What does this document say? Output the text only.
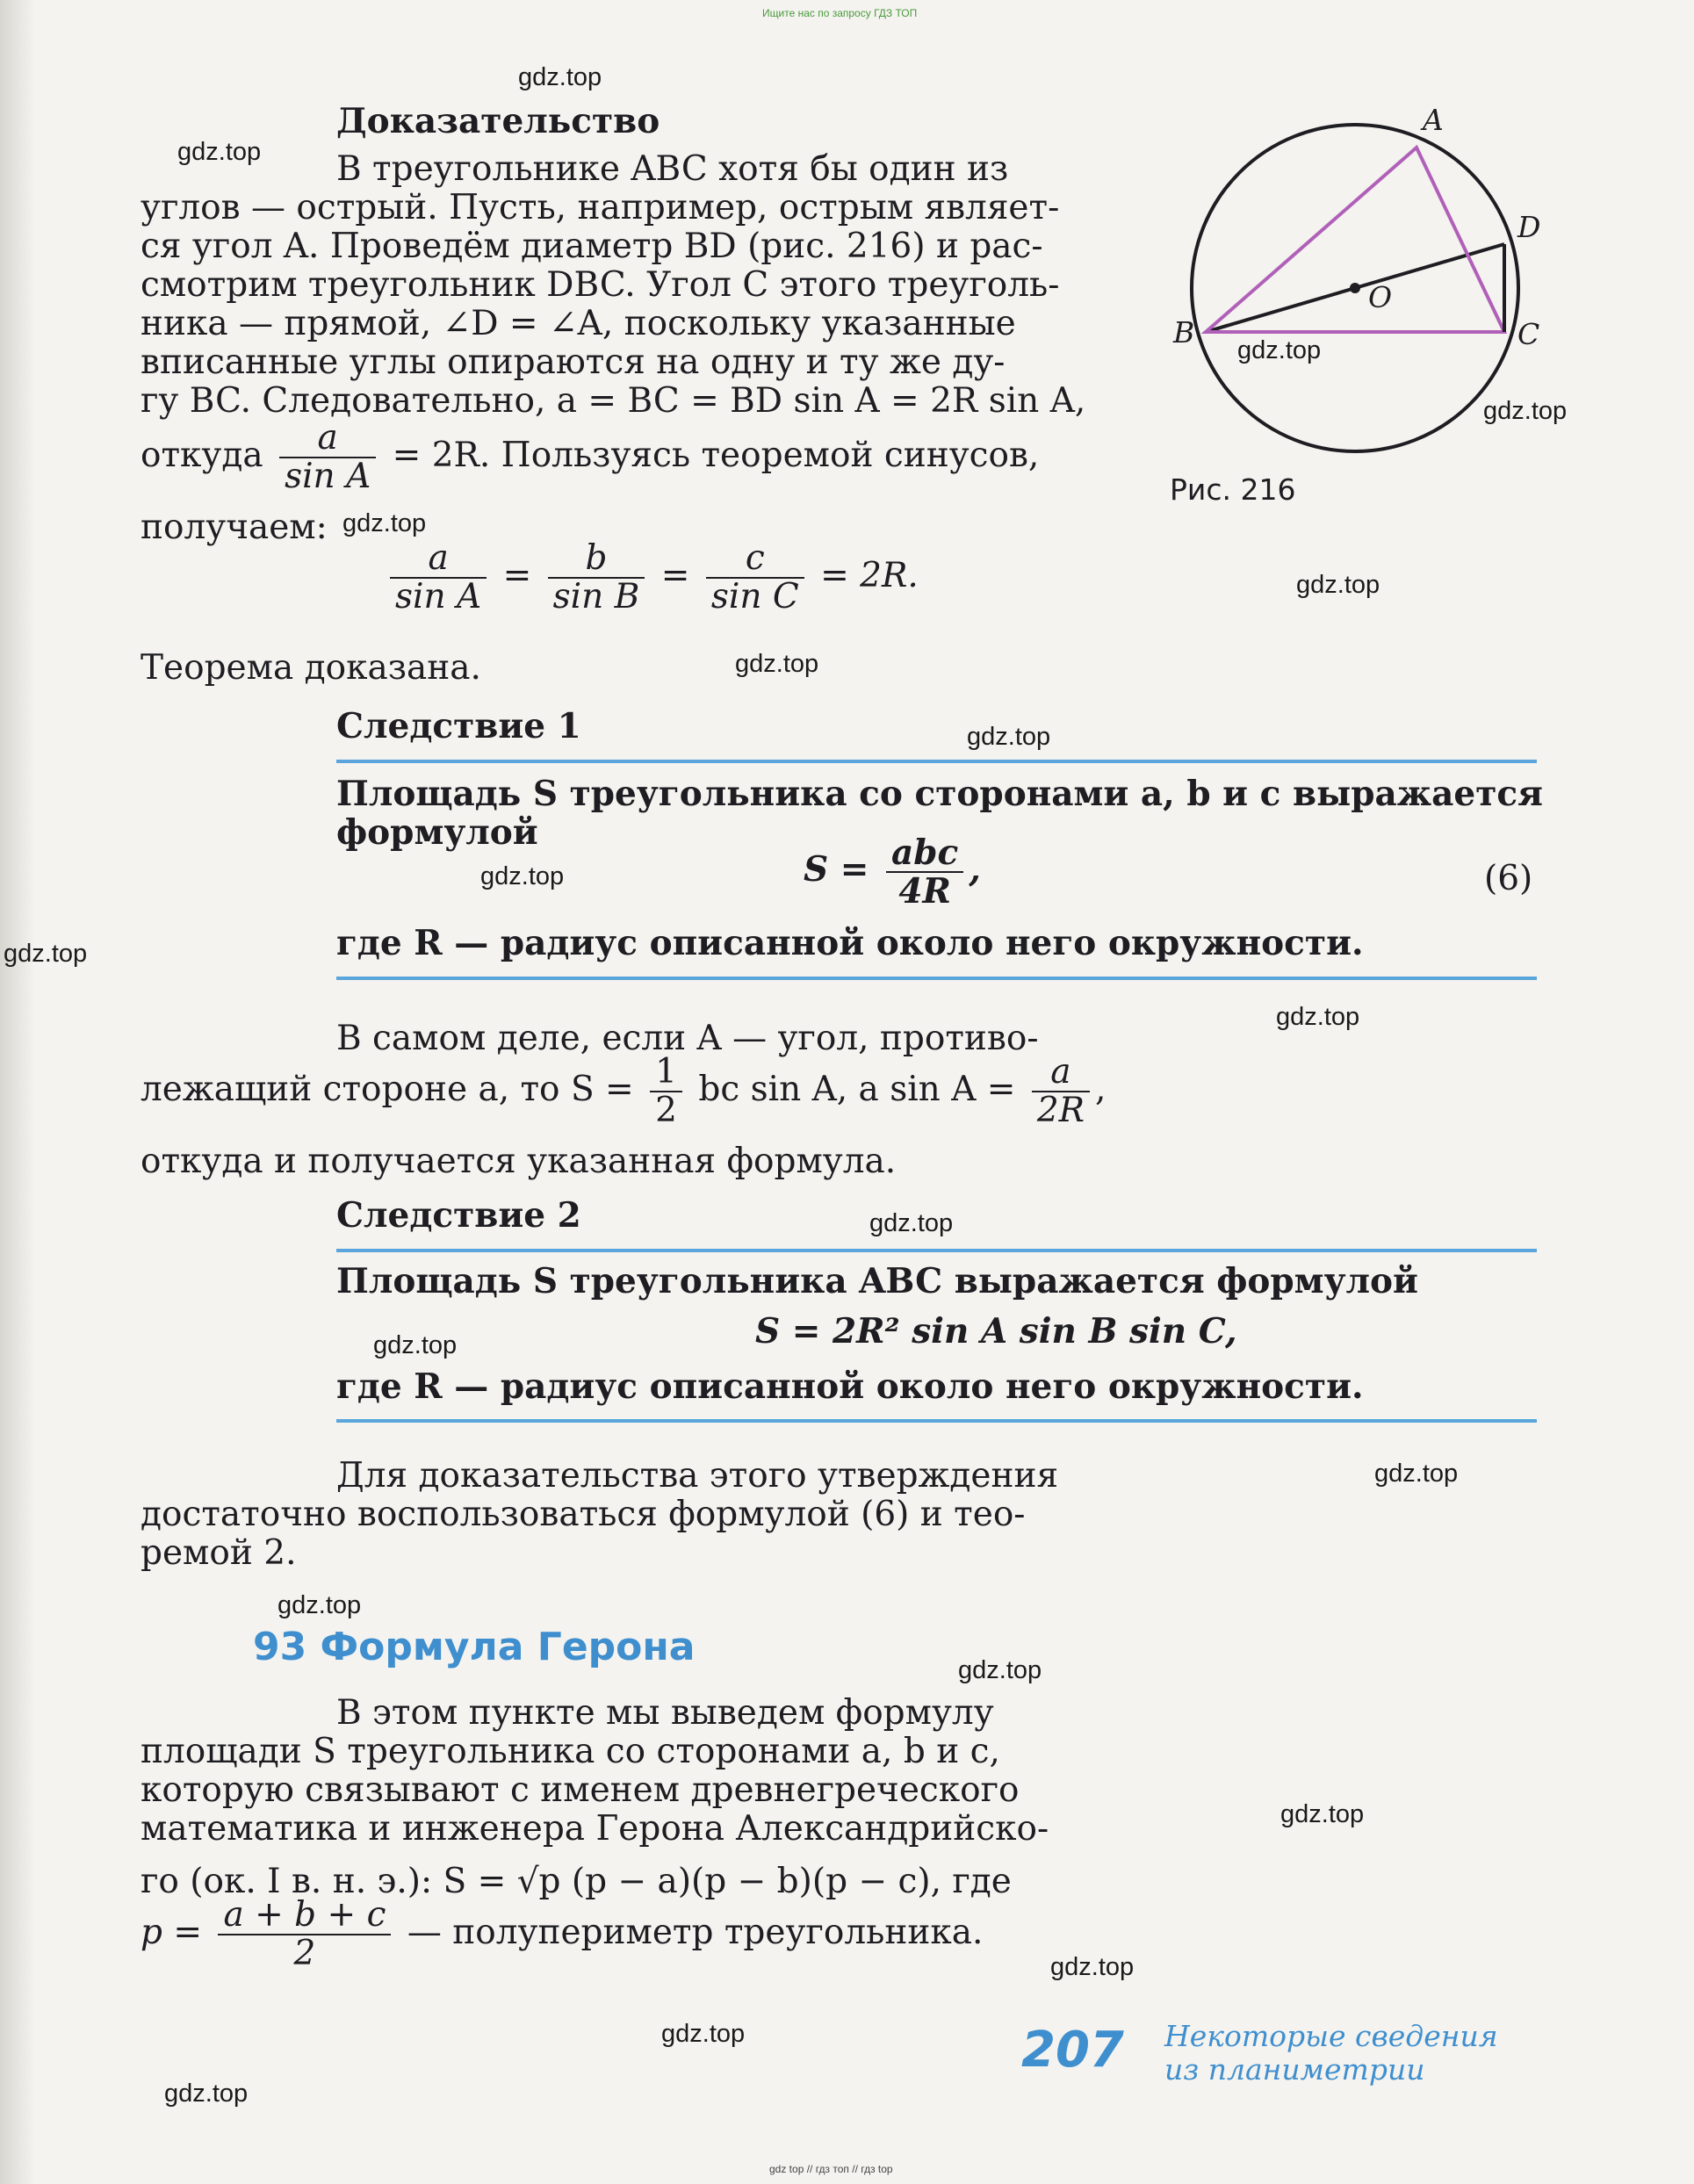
Ищите нас по запросу ГДЗ ТОП
gdz.top
gdz.top
gdz.top
gdz.top
gdz.top
gdz.top
gdz.top
gdz.top
gdz.top
gdz.top
gdz.top
gdz.top
gdz.top
gdz.top
gdz.top
gdz.top
gdz.top
gdz.top
gdz.top
gdz.top
Доказательство
В треугольнике ABC хотя бы один из
углов — острый. Пусть, например, острым являет-
ся угол A. Проведём диаметр BD (рис. 216) и рас-
смотрим треугольник DBC. Угол C этого треуголь-
ника — прямой, ∠D = ∠A, поскольку указанные
вписанные углы опираются на одну и ту же ду-
гу BC. Следовательно, a = BC = BD sin A = 2R sin A,
откуда $\frac{a}{\text{sin A}} = 2R$. Пользуясь теоремой синусов,
получаем:
$\frac{a}{\text{sin A}} = \frac{b}{\text{sin B}} = \frac{c}{\text{sin C}} = 2R$.
Теорема доказана.
A
B	C
D
O
Рис. 216
Следствие 1
Площадь S треугольника со сторонами a, b и c выражается
формулой
$S = \frac{\text{abc}}{4R}$ ,	(6)
где R — радиус описанной около него окружности.
В самом деле, если A — угол, противо-
лежащий стороне a, то $S = \frac{1}{2}$ bc sin A, а $\sin A = \frac{a}{2R}$ ,
откуда и получается указанная формула.
Следствие 2
Площадь S треугольника ABC выражается формулой
S = 2R² sin A sin B sin C,
где R — радиус описанной около него окружности.
Для доказательства этого утверждения
достаточно воспользоваться формулой (6) и тео-
ремой 2.
93 Формула Герона
В этом пункте мы выведем формулу
площади S треугольника со сторонами a, b и c,
которую связывают с именем древнегреческого
математика и инженера Герона Александрийско-
го (ок. I в. н. э.): S = √p (p − a)(p − b)(p − c), где
$p = \frac{a + b + c}{2}$ — полупериметр треугольника.
207 Некоторые сведения
из планиметрии
gdz top // гдз топ // гдз top
